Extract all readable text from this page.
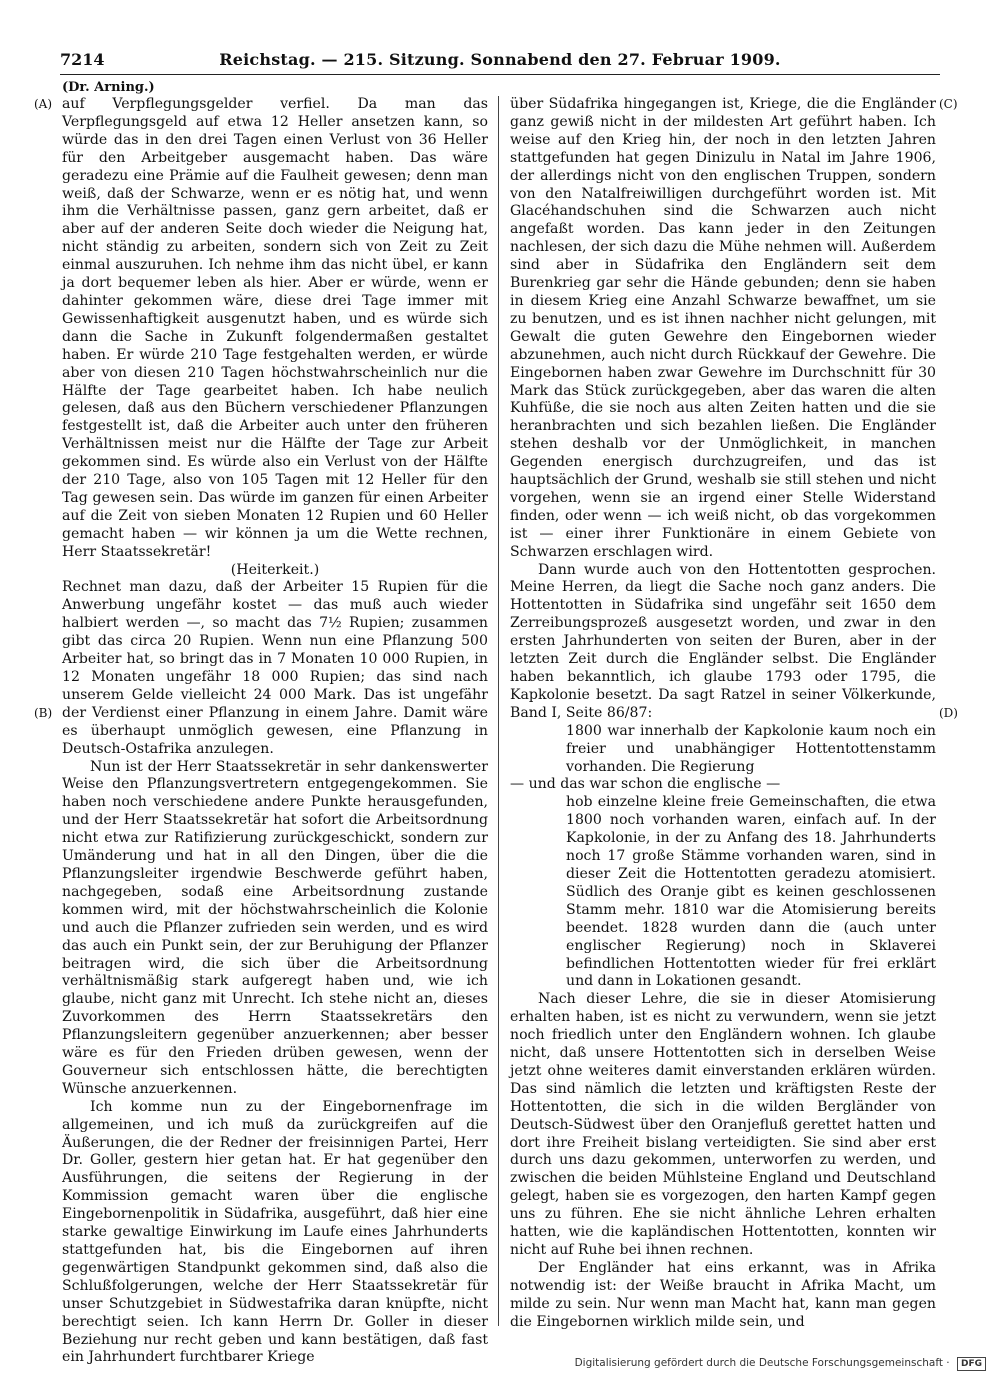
7214	Reichstag. — 215. Sitzung. Sonnabend den 27. Februar 1909.
(Dr. Arning.)
(A)
(B)
(C)
(D)

auf Verpflegungsgelder verfiel. Da man das Verpflegungsgeld auf etwa 12 Heller ansetzen kann, so würde das in den drei Tagen einen Verlust von 36 Heller für den Arbeitgeber ausgemacht haben. Das wäre geradezu eine Prämie auf die Faulheit gewesen; denn man weiß, daß der Schwarze, wenn er es nötig hat, und wenn ihm die Verhältnisse passen, ganz gern arbeitet, daß er aber auf der anderen Seite doch wieder die Neigung hat, nicht ständig zu arbeiten, sondern sich von Zeit zu Zeit einmal auszuruhen. Ich nehme ihm das nicht übel, er kann ja dort bequemer leben als hier. Aber er würde, wenn er dahinter gekommen wäre, diese drei Tage immer mit Gewissenhaftigkeit ausgenutzt haben, und es würde sich dann die Sache in Zukunft folgendermaßen gestaltet haben. Er würde 210 Tage festgehalten werden, er würde aber von diesen 210 Tagen höchstwahrscheinlich nur die Hälfte der Tage gearbeitet haben. Ich habe neulich gelesen, daß aus den Büchern verschiedener Pflanzungen festgestellt ist, daß die Arbeiter auch unter den früheren Verhältnissen meist nur die Hälfte der Tage zur Arbeit gekommen sind. Es würde also ein Verlust von der Hälfte der 210 Tage, also von 105 Tagen mit 12 Heller für den Tag gewesen sein. Das würde im ganzen für einen Arbeiter auf die Zeit von sieben Monaten 12 Rupien und 60 Heller gemacht haben — wir können ja um die Wette rechnen, Herr Staatssekretär!

(Heiterkeit.)

Rechnet man dazu, daß der Arbeiter 15 Rupien für die Anwerbung ungefähr kostet — das muß auch wieder halbiert werden —, so macht das 7½ Rupien; zusammen gibt das circa 20 Rupien. Wenn nun eine Pflanzung 500 Arbeiter hat, so bringt das in 7 Monaten 10 000 Rupien, in 12 Monaten ungefähr 18 000 Rupien; das sind nach unserem Gelde vielleicht 24 000 Mark. Das ist ungefähr der Verdienst einer Pflanzung in einem Jahre. Damit wäre es überhaupt unmöglich gewesen, eine Pflanzung in Deutsch-Ostafrika anzulegen.

Nun ist der Herr Staatssekretär in sehr dankenswerter Weise den Pflanzungsvertretern entgegengekommen. Sie haben noch verschiedene andere Punkte herausgefunden, und der Herr Staatssekretär hat sofort die Arbeitsordnung nicht etwa zur Ratifizierung zurückgeschickt, sondern zur Umänderung und hat in all den Dingen, über die die Pflanzungsleiter irgendwie Beschwerde geführt haben, nachgegeben, sodaß eine Arbeitsordnung zustande kommen wird, mit der höchstwahrscheinlich die Kolonie und auch die Pflanzer zufrieden sein werden, und es wird das auch ein Punkt sein, der zur Beruhigung der Pflanzer beitragen wird, die sich über die Arbeitsordnung verhältnismäßig stark aufgeregt haben und, wie ich glaube, nicht ganz mit Unrecht. Ich stehe nicht an, dieses Zuvorkommen des Herrn Staatssekretärs den Pflanzungsleitern gegenüber anzuerkennen; aber besser wäre es für den Frieden drüben gewesen, wenn der Gouverneur sich entschlossen hätte, die berechtigten Wünsche anzuerkennen.

Ich komme nun zu der Eingebornenfrage im allgemeinen, und ich muß da zurückgreifen auf die Äußerungen, die der Redner der freisinnigen Partei, Herr Dr. Goller, gestern hier getan hat. Er hat gegenüber den Ausführungen, die seitens der Regierung in der Kommission gemacht waren über die englische Eingebornenpolitik in Südafrika, ausgeführt, daß hier eine starke gewaltige Einwirkung im Laufe eines Jahrhunderts stattgefunden hat, bis die Eingebornen auf ihren gegenwärtigen Standpunkt gekommen sind, daß also die Schlußfolgerungen, welche der Herr Staatssekretär für unser Schutzgebiet in Südwestafrika daran knüpfte, nicht berechtigt seien. Ich kann Herrn Dr. Goller in dieser Beziehung nur recht geben und kann bestätigen, daß fast ein Jahrhundert furchtbarer Kriege

über Südafrika hingegangen ist, Kriege, die die Engländer ganz gewiß nicht in der mildesten Art geführt haben. Ich weise auf den Krieg hin, der noch in den letzten Jahren stattgefunden hat gegen Dinizulu in Natal im Jahre 1906, der allerdings nicht von den englischen Truppen, sondern von den Natalfreiwilligen durchgeführt worden ist. Mit Glacéhandschuhen sind die Schwarzen auch nicht angefaßt worden. Das kann jeder in den Zeitungen nachlesen, der sich dazu die Mühe nehmen will. Außerdem sind aber in Südafrika den Engländern seit dem Burenkrieg gar sehr die Hände gebunden; denn sie haben in diesem Krieg eine Anzahl Schwarze bewaffnet, um sie zu benutzen, und es ist ihnen nachher nicht gelungen, mit Gewalt die guten Gewehre den Eingebornen wieder abzunehmen, auch nicht durch Rückkauf der Gewehre. Die Eingebornen haben zwar Gewehre im Durchschnitt für 30 Mark das Stück zurückgegeben, aber das waren die alten Kuhfüße, die sie noch aus alten Zeiten hatten und die sie heranbrachten und sich bezahlen ließen. Die Engländer stehen deshalb vor der Unmöglichkeit, in manchen Gegenden energisch durchzugreifen, und das ist hauptsächlich der Grund, weshalb sie still stehen und nicht vorgehen, wenn sie an irgend einer Stelle Widerstand finden, oder wenn — ich weiß nicht, ob das vorgekommen ist — einer ihrer Funktionäre in einem Gebiete von Schwarzen erschlagen wird.

Dann wurde auch von den Hottentotten gesprochen. Meine Herren, da liegt die Sache noch ganz anders. Die Hottentotten in Südafrika sind ungefähr seit 1650 dem Zerreibungsprozeß ausgesetzt worden, und zwar in den ersten Jahrhunderten von seiten der Buren, aber in der letzten Zeit durch die Engländer selbst. Die Engländer haben bekanntlich, ich glaube 1793 oder 1795, die Kapkolonie besetzt. Da sagt Ratzel in seiner Völkerkunde, Band I, Seite 86/87:

1800 war innerhalb der Kapkolonie kaum noch ein freier und unabhängiger Hottentottenstamm vorhanden. Die Regierung

— und das war schon die englische —

hob einzelne kleine freie Gemeinschaften, die etwa 1800 noch vorhanden waren, einfach auf. In der Kapkolonie, in der zu Anfang des 18. Jahrhunderts noch 17 große Stämme vorhanden waren, sind in dieser Zeit die Hottentotten geradezu atomisiert. Südlich des Oranje gibt es keinen geschlossenen Stamm mehr. 1810 war die Atomisierung bereits beendet. 1828 wurden dann die (auch unter englischer Regierung) noch in Sklaverei befindlichen Hottentotten wieder für frei erklärt und dann in Lokationen gesandt.

Nach dieser Lehre, die sie in dieser Atomisierung erhalten haben, ist es nicht zu verwundern, wenn sie jetzt noch friedlich unter den Engländern wohnen. Ich glaube nicht, daß unsere Hottentotten sich in derselben Weise jetzt ohne weiteres damit einverstanden erklären würden. Das sind nämlich die letzten und kräftigsten Reste der Hottentotten, die sich in die wilden Bergländer von Deutsch-Südwest über den Oranjefluß gerettet hatten und dort ihre Freiheit bislang verteidigten. Sie sind aber erst durch uns dazu gekommen, unterworfen zu werden, und zwischen die beiden Mühlsteine England und Deutschland gelegt, haben sie es vorgezogen, den harten Kampf gegen uns zu führen. Ehe sie nicht ähnliche Lehren erhalten hatten, wie die kapländischen Hottentotten, konnten wir nicht auf Ruhe bei ihnen rechnen.

Der Engländer hat eins erkannt, was in Afrika notwendig ist: der Weiße braucht in Afrika Macht, um milde zu sein. Nur wenn man Macht hat, kann man gegen die Eingebornen wirklich milde sein, und

Digitalisierung gefördert durch die Deutsche Forschungsgemeinschaft · DFG
